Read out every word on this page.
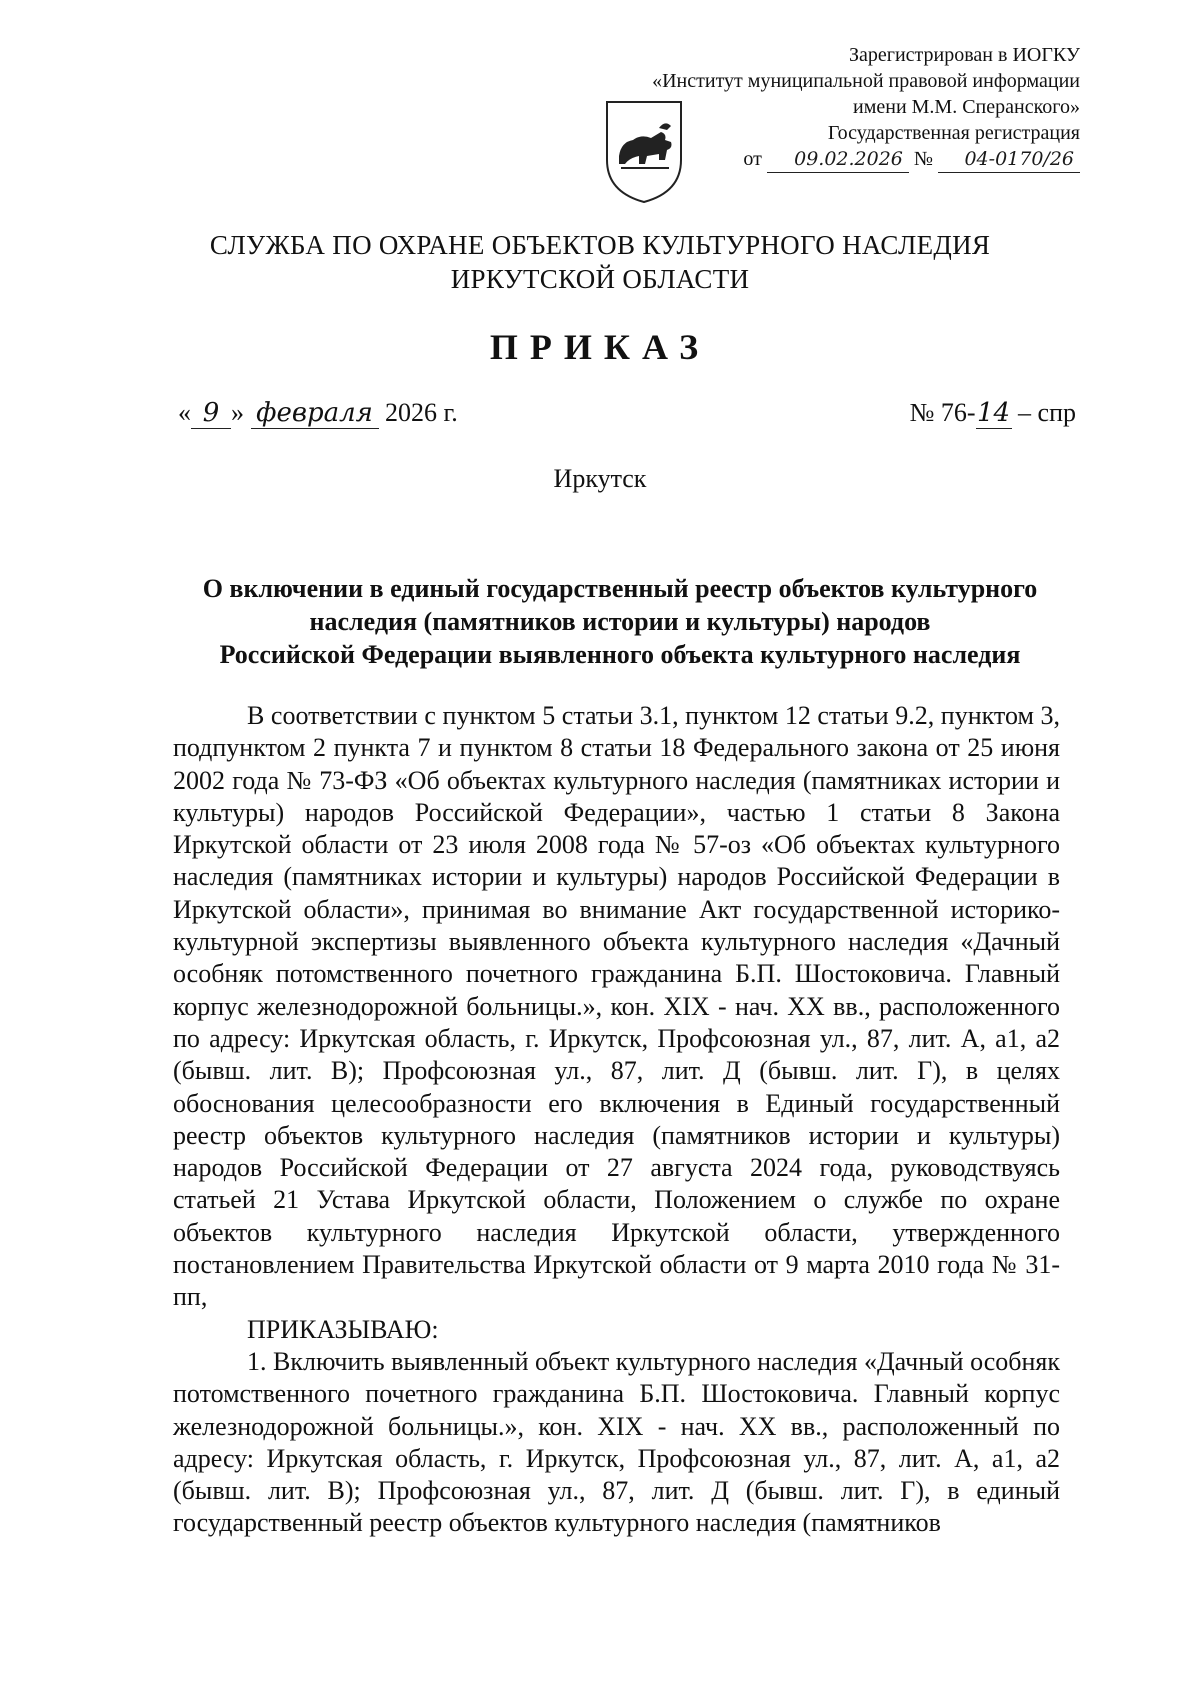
Зарегистрирован в ИОГКУ
«Институт муниципальной правовой информации
имени М.М. Сперанского»
Государственная регистрация
от 09.02.2026 № 04-0170/26
СЛУЖБА ПО ОХРАНЕ ОБЪЕКТОВ КУЛЬТУРНОГО НАСЛЕДИЯ
ИРКУТСКОЙ ОБЛАСТИ
ПРИКАЗ
« 9 » февраля 2026 г.	№ 76-14 – спр
Иркутск
О включении в единый государственный реестр объектов культурного
наследия (памятников истории и культуры) народов
Российской Федерации выявленного объекта культурного наследия

В соответствии с пунктом 5 статьи 3.1, пунктом 12 статьи 9.2, пунктом 3, подпунктом 2 пункта 7 и пунктом 8 статьи 18 Федерального закона от 25 июня 2002 года № 73-ФЗ «Об объектах культурного наследия (памятниках истории и культуры) народов Российской Федерации», частью 1 статьи 8 Закона Иркутской области от 23 июля 2008 года № 57-оз «Об объектах культурного наследия (памятниках истории и культуры) народов Российской Федерации в Иркутской области», принимая во внимание Акт государственной историко-культурной экспертизы выявленного объекта культурного наследия «Дачный особняк потомственного почетного гражданина Б.П. Шостоковича. Главный корпус железнодорожной больницы.», кон. XIX - нач. XX вв., расположенного по адресу: Иркутская область, г. Иркутск, Профсоюзная ул., 87, лит. А, а1, а2 (бывш. лит. В); Профсоюзная ул., 87, лит. Д (бывш. лит. Г), в целях обоснования целесообразности его включения в Единый государственный реестр объектов культурного наследия (памятников истории и культуры) народов Российской Федерации от 27 августа 2024 года, руководствуясь статьей 21 Устава Иркутской области, Положением о службе по охране объектов культурного наследия Иркутской области, утвержденного постановлением Правительства Иркутской области от 9 марта 2010 года № 31-пп,

ПРИКАЗЫВАЮ:

1. Включить выявленный объект культурного наследия «Дачный особняк потомственного почетного гражданина Б.П. Шостоковича. Главный корпус железнодорожной больницы.», кон. XIX - нач. XX вв., расположенный по адресу: Иркутская область, г. Иркутск, Профсоюзная ул., 87, лит. А, а1, а2 (бывш. лит. В); Профсоюзная ул., 87, лит. Д (бывш. лит. Г), в единый государственный реестр объектов культурного наследия (памятников
